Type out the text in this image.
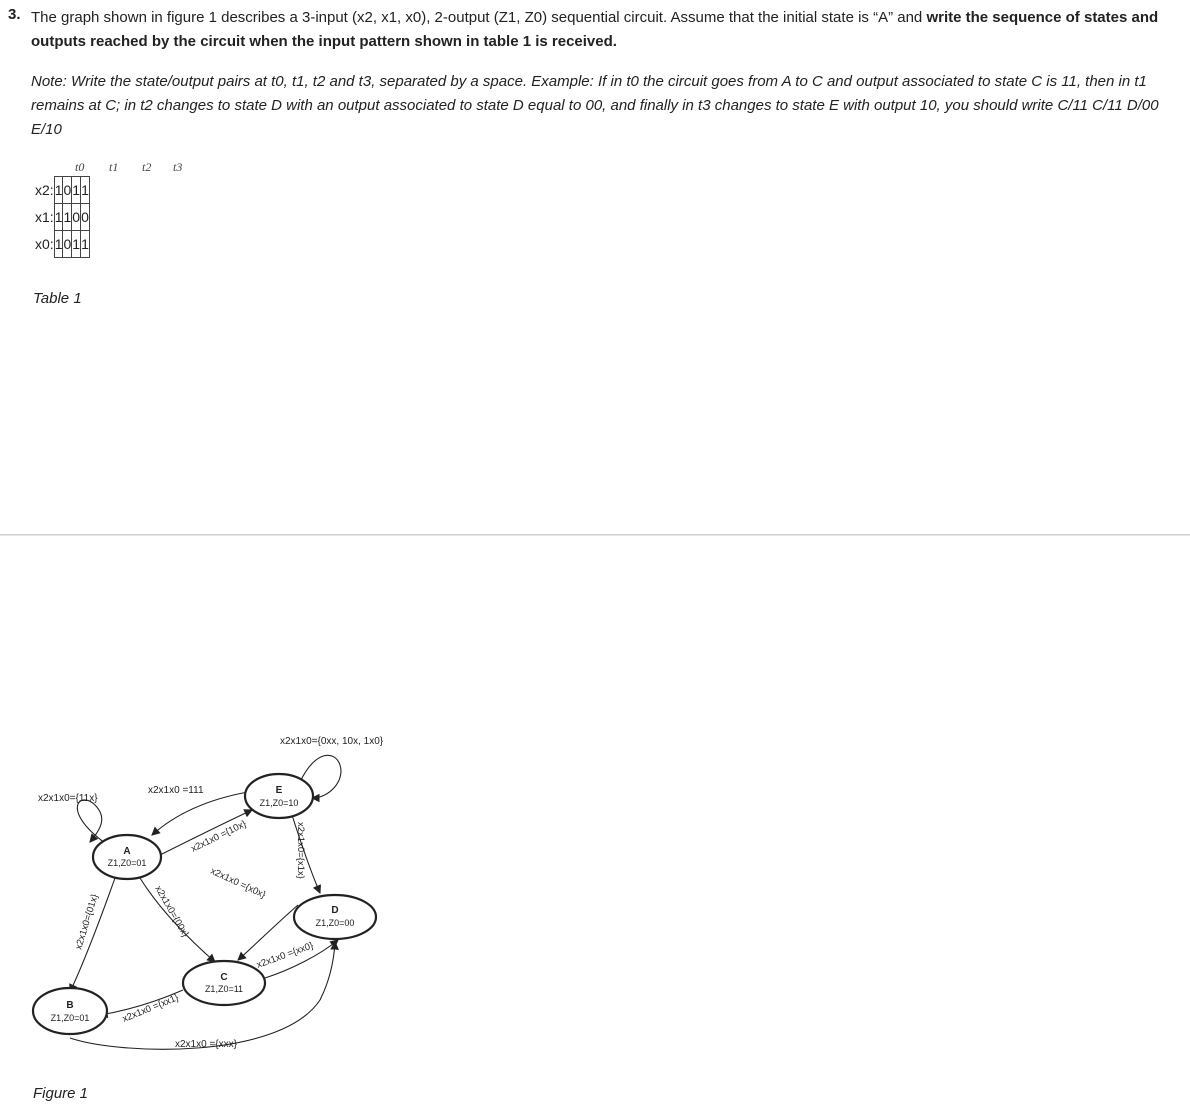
3. The graph shown in figure 1 describes a 3-input (x2, x1, x0), 2-output (Z1, Z0) sequential circuit. Assume that the initial state is “A” and write the sequence of states and outputs reached by the circuit when the input pattern shown in table 1 is received.
Note: Write the state/output pairs at t0, t1, t2 and t3, separated by a space. Example: If in t0 the circuit goes from A to C and output associated to state C is 11, then in t1 remains at C; in t2 changes to state D with an output associated to state D equal to 00, and finally in t3 changes to state E with output 10, you should write C/11 C/11 D/00 E/10
t0 t1 t2 t3
x2:	1	0	1	1
x1:	1	1	0	0
x0:	1	0	1	1
Table 1
A
Z1,Z0=01
B
Z1,Z0=01
C
Z1,Z0=11
D
Z1,Z0=00
E
Z1,Z0=10
x2x1x0={11x}
x2x1x0 =111
x2x1x0={0xx, 10x, 1x0}
x2x1x0 ={10x}	x2x1x0={x1x}
x2x1x0={01x}	x2x1x0={00x}
x2x1x0 ={x0x}
x2x1x0 ={xx0}
x2x1x0 ={xx1}
x2x1x0 ={xxx}
Figure 1
